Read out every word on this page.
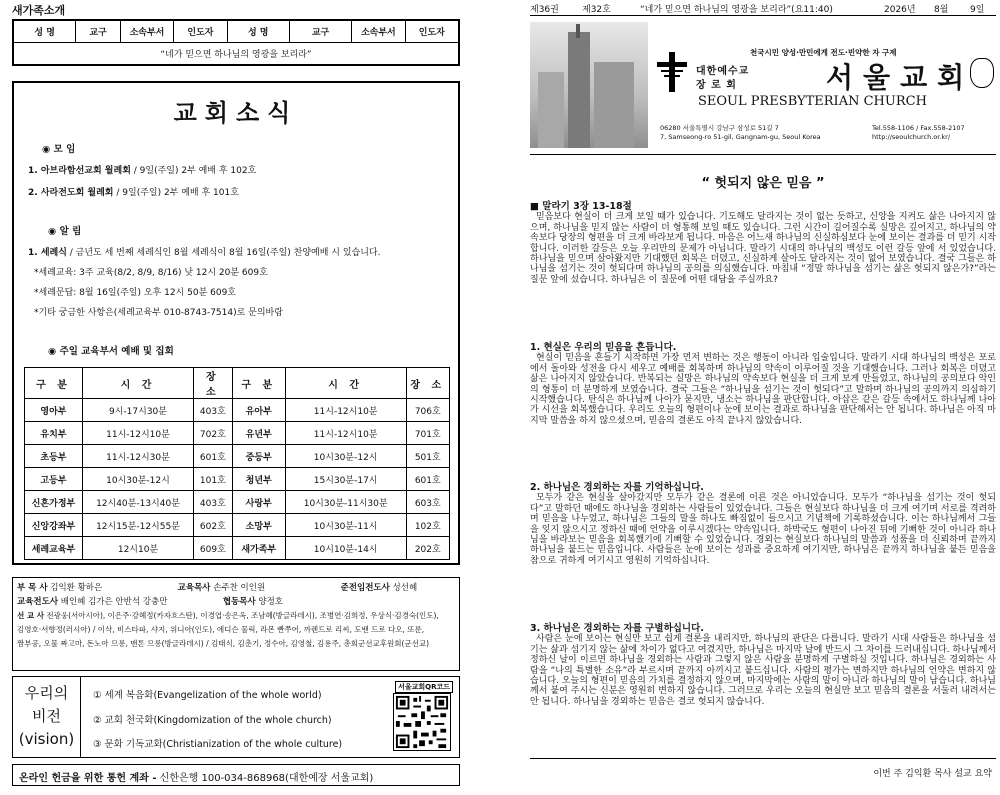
새가족소개
성 명	교구	소속부서	인도자	성 명	교구	소속부서	인도자
“네가 믿으면 하나님의 영광을 보리라”
교회소식
◉ 모 임
1. 아브라함선교회 월례회 / 9일(주일) 2부 예배 후 102호
2. 사라전도회 월례회 / 9일(주일) 2부 예배 후 101호
◉ 알 림
1. 세례식 / 금년도 세 번째 세례식인 8월 세례식이 8월 16일(주일) 찬양예배 시 있습니다.
*세례교육: 3주 교육(8/2, 8/9, 8/16) 낮 12시 20분 609호
*세례문답: 8월 16일(주일) 오후 12시 50분 609호
*기타 궁금한 사항은(세례교육부 010-8743-7514)로 문의바람
◉ 주일 교육부서 예배 및 집회
구 분	시 간	장 소	구 분	시 간	장 소
영아부	9시-17시30분	403호	유아부	11시-12시10분	706호
유치부	11시-12시10분	702호	유년부	11시-12시10분	701호
초등부	11시-12시30분	601호	중등부	10시30분-12시	501호
고등부	10시30분-12시	101호	청년부	15시30분-17시	601호
신혼가정부	12시40분-13시40분	403호	사랑부	10시30분-11시30분	603호
신앙강좌부	12시15분-12시55분	602호	소망부	10시30분-11시	102호
세례교육부	12시10분	609호	새가족부	10시10분-14시	202호
부 목 사 김익환 황하은	교육목사 손주찬 이인원	준전임전도사 성선혜
교육전도사 배인혜 김가은 안반석 강충만	협동목사 양정호
선 교 사 전광웅(서아시아), 이은주·강혜정(카자흐스탄), 이경엽·송은옥, 조남혜(방글라데시), 조병연·김희정, 우상식·김경숙(인도),
김영호·서향정(러시아) / 이삭, 비스타파, 샤지, 위니아(인도), 에디슨 물릭, 라몬 빤쭈어, 까렌드로 리씨, 도밴 드로 다오, 또룬,
짬부공, 오물 짜고마, 돈노아 므롱, 맨톤 므롱(방글라데시) / 김태식, 김춘기, 정수아, 김영철, 김용주, 총회군선교후원회(군선교)
우리의
비전
(vision)
① 세계 복음화(Evangelization of the whole world)
② 교회 천국화(Kingdomization of the whole church)
③ 문화 기독교화(Christianization of the whole culture)
서울교회QR코드
온라인 헌금을 위한 통헌 계좌 - 신한은행 100-034-868968(대한예장 서울교회)
제36권	제32호	“네가 믿으면 하나님의 영광을 보리라”(요11:40)	2026년 8월 9일
천국시민 양성·만민에게 전도·빈약한 자 구제
대한예수교
장 로 회	서울교회
SEOUL PRESBYTERIAN CHURCH
06280 서울특별시 강남구 삼성로 51길 7
7, Samseong-ro 51-gil, Gangnam-gu, Seoul Korea
Tel.558-1106 / Fax.558-2107
http://seoulchurch.or.kr/
“ 헛되지 않은 믿음 ”

■ 말라기 3장 13-18절

믿음보다 현실이 더 크게 보일 때가 있습니다. 기도해도 달라지는 것이 없는 듯하고, 신앙을 지켜도 삶은 나아지지 않으며, 하나님을 믿지 않는 사람이 더 형통해 보일 때도 있습니다. 그런 시간이 길어질수록 실망은 깊어지고, 하나님의 약속보다 당장의 형편을 더 크게 바라보게 됩니다. 마음은 어느새 하나님의 신실하심보다 눈에 보이는 결과를 더 믿기 시작합니다. 이러한 갈등은 오늘 우리만의 문제가 아닙니다. 말라기 시대의 하나님의 백성도 이런 갈등 앞에 서 있었습니다. 하나님을 믿으며 살아왔지만 기대했던 회복은 더뎠고, 신실하게 살아도 달라지는 것이 없어 보였습니다. 결국 그들은 하나님을 섬기는 것이 헛되다며 하나님의 공의를 의심했습니다. 마침내 “정말 하나님을 섬기는 삶은 헛되지 않은가?”라는 질문 앞에 섰습니다. 하나님은 이 질문에 어떤 대답을 주실까요?

1. 현실은 우리의 믿음을 흔듭니다.

현실이 믿음을 흔들기 시작하면 가장 먼저 변하는 것은 행동이 아니라 입술입니다. 말라기 시대 하나님의 백성은 포로에서 돌아와 성전을 다시 세우고 예배를 회복하며 하나님의 약속이 이루어질 것을 기대했습니다. 그러나 회복은 더뎠고 삶은 나아지지 않았습니다. 반복되는 실망은 하나님의 약속보다 현실을 더 크게 보게 만들었고, 하나님의 공의보다 악인의 형통이 더 분명하게 보였습니다. 결국 그들은 “하나님을 섬기는 것이 헛되다”고 말하며 하나님의 공의까지 의심하기 시작했습니다. 탄식은 하나님께 나아가 묻지만, 냉소는 하나님을 판단합니다. 아삽은 같은 갈등 속에서도 하나님께 나아가 시선을 회복했습니다. 우리도 오늘의 형편이나 눈에 보이는 결과로 하나님을 판단해서는 안 됩니다. 하나님은 아직 마지막 말씀을 하지 않으셨으며, 믿음의 결론도 아직 끝나지 않았습니다.

2. 하나님은 경외하는 자를 기억하십니다.

모두가 같은 현실을 살아갔지만 모두가 같은 결론에 이른 것은 아니었습니다. 모두가 “하나님을 섬기는 것이 헛되다”고 말하던 때에도 하나님을 경외하는 사람들이 있었습니다. 그들은 현실보다 하나님을 더 크게 여기며 서로를 격려하며 믿음을 나누었고, 하나님은 그들의 말을 하나도 빠짐없이 들으시고 기념책에 기록하셨습니다. 이는 하나님께서 그들을 잊지 않으시고 정하신 때에 언약을 이루시겠다는 약속입니다. 하박국도 형편이 나아진 뒤에 기뻐한 것이 아니라 하나님을 바라보는 믿음을 회복했기에 기뻐할 수 있었습니다. 경외는 현실보다 하나님의 말씀과 성품을 더 신뢰하며 끝까지 하나님을 붙드는 믿음입니다. 사람들은 눈에 보이는 성과를 중요하게 여기지만, 하나님은 끝까지 하나님을 붙든 믿음을 참으로 귀하게 여기시고 영원히 기억하십니다.

3. 하나님은 경외하는 자를 구별하십니다.

사람은 눈에 보이는 현실만 보고 쉽게 결론을 내리지만, 하나님의 판단은 다릅니다. 말라기 시대 사람들은 하나님을 섬기는 삶과 섬기지 않는 삶에 차이가 없다고 여겼지만, 하나님은 마지막 날에 반드시 그 차이를 드러내십니다. 하나님께서 정하신 날이 이르면 하나님을 경외하는 사람과 그렇지 않은 사람을 분명하게 구별하실 것입니다. 하나님은 경외하는 사람을 “나의 특별한 소유”라 부르시며 끝까지 아끼시고 붙드십니다. 사람의 평가는 변하지만 하나님의 언약은 변하지 않습니다. 오늘의 형편이 믿음의 가치를 결정하지 않으며, 마지막에는 사람의 말이 아니라 하나님의 말이 남습니다. 하나님께서 붙여 주시는 신분은 영원히 변하지 않습니다. 그러므로 우리는 오늘의 현실만 보고 믿음의 결론을 서둘러 내려서는 안 됩니다. 하나님을 경외하는 믿음은 결코 헛되지 않습니다.

이번 주 김익환 목사 설교 요약
